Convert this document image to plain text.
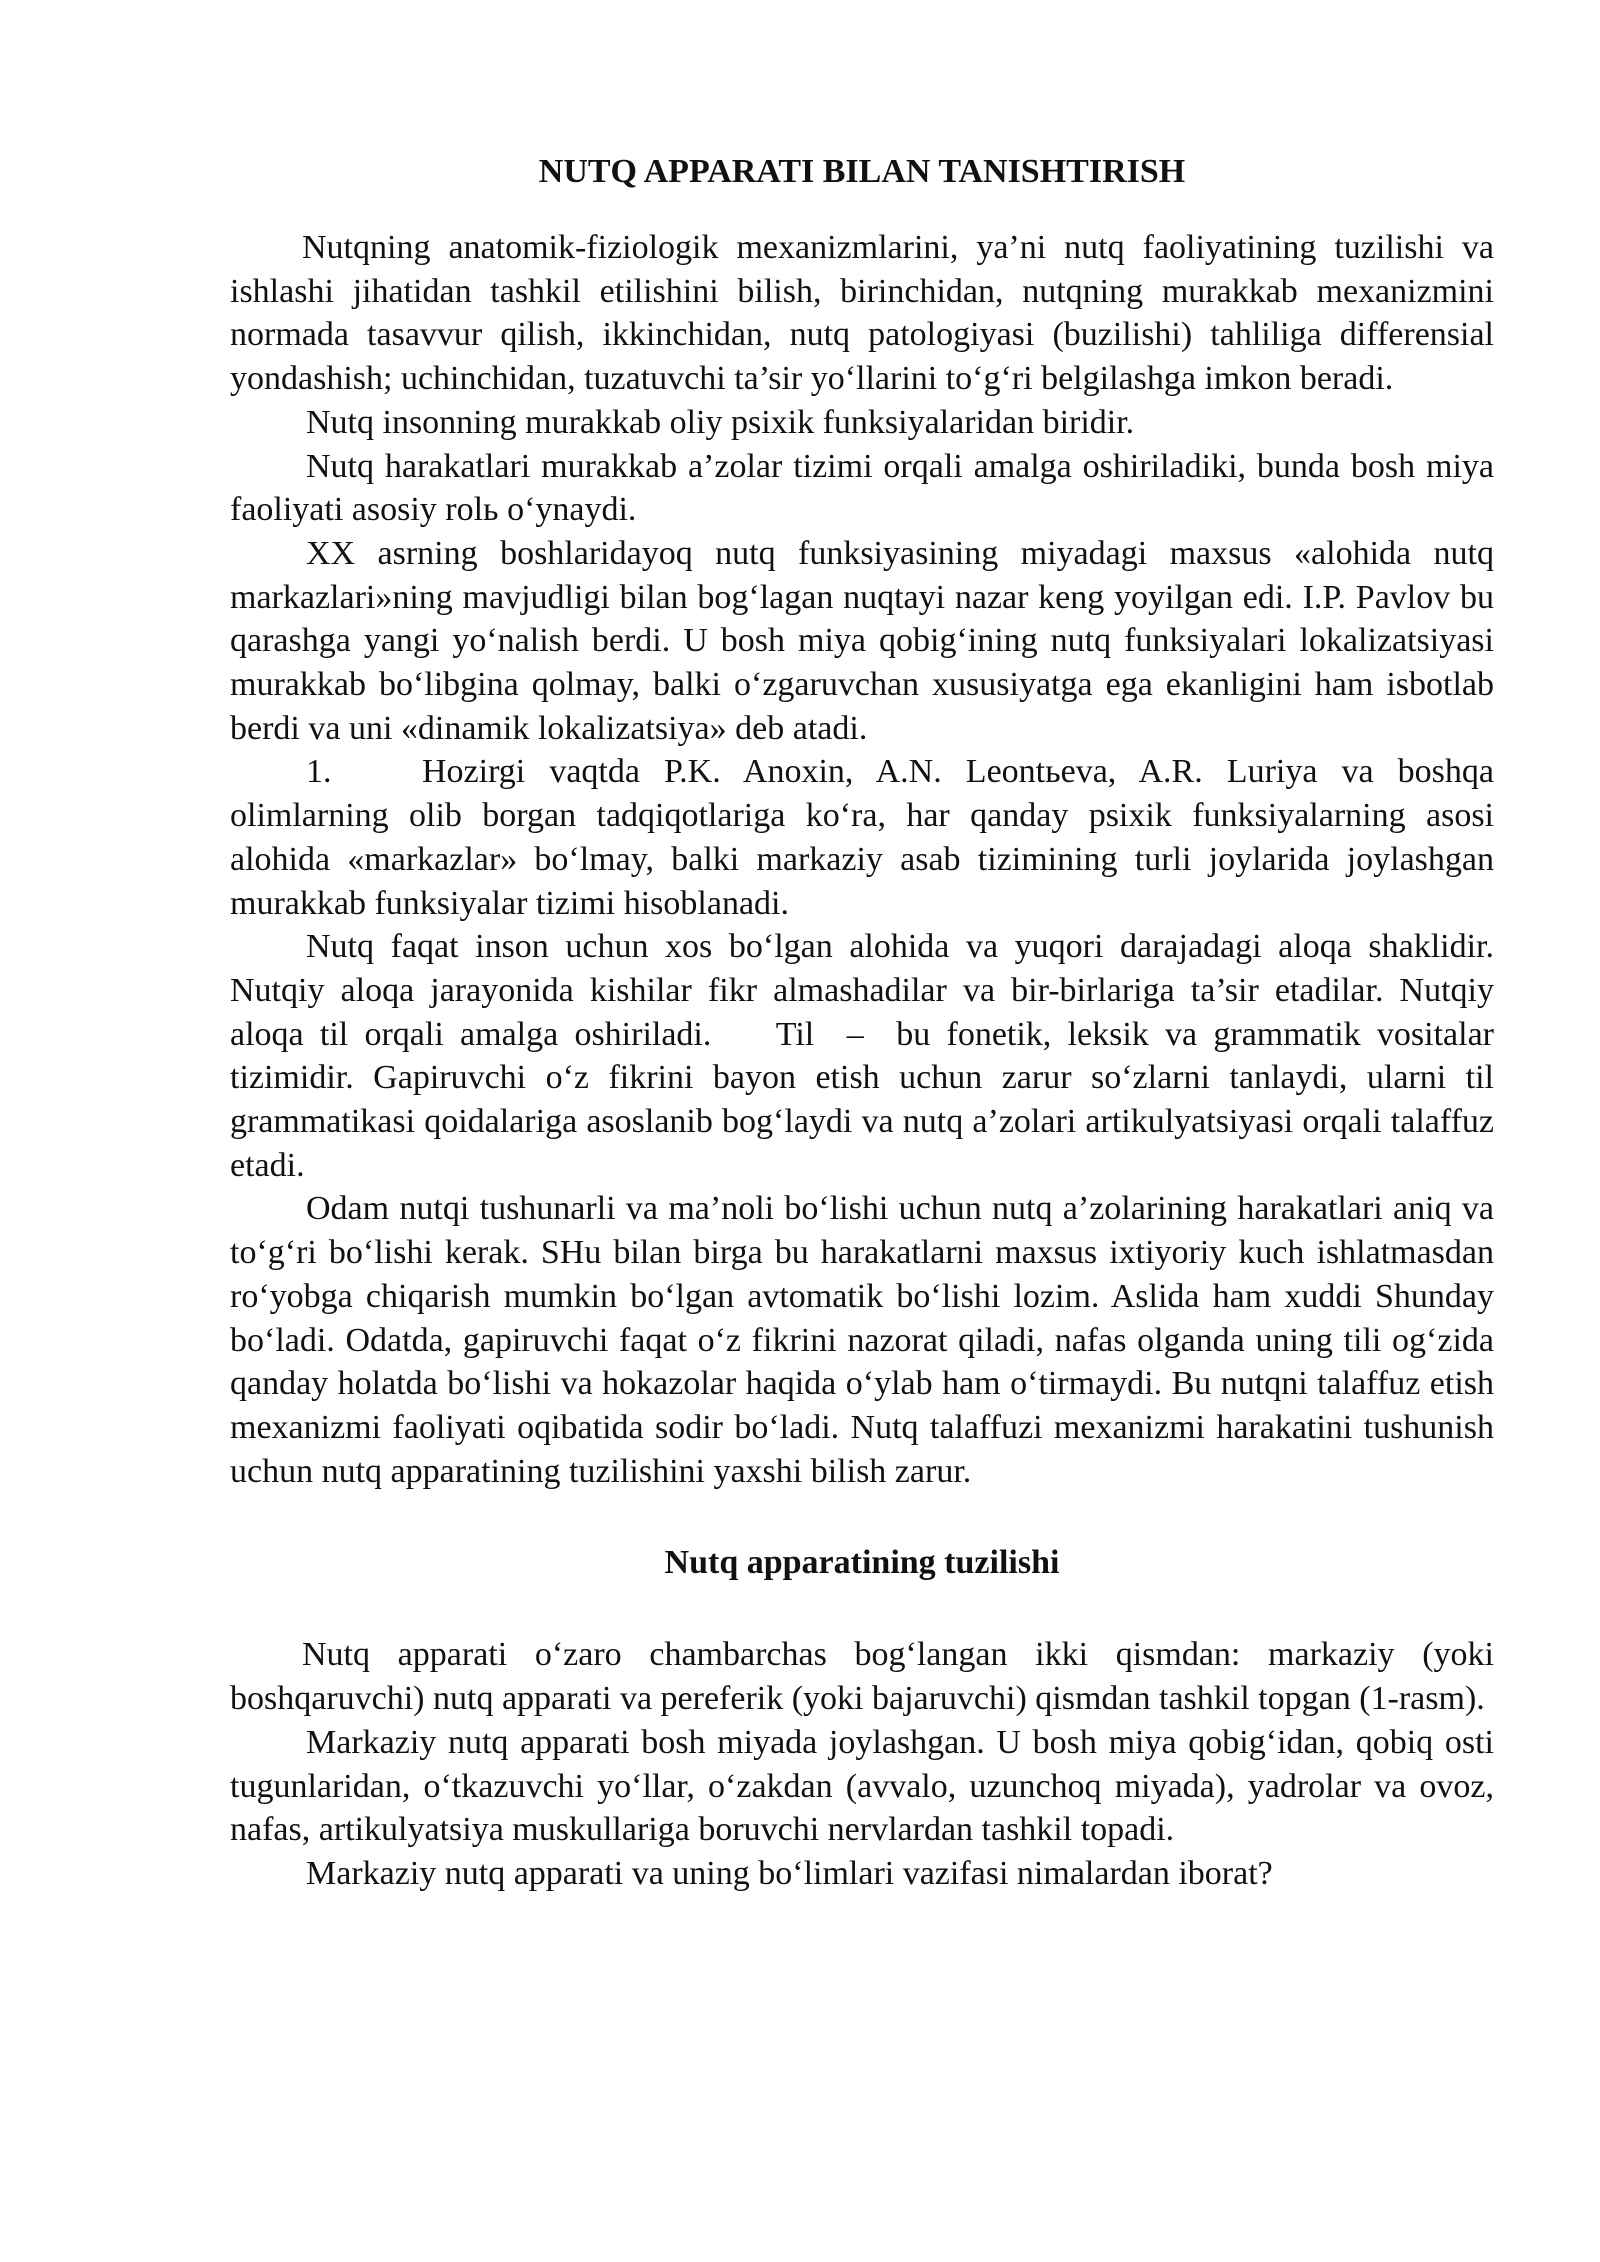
NUTQ APPARATI BILAN TANISHTIRISH

Nutqning anatomik-fiziologik mexanizmlarini, ya’ni nutq faoliyatining tuzilishi va ishlashi jihatidan tashkil etilishini bilish, birinchidan, nutqning murakkab mexanizmini normada tasavvur qilish, ikkinchidan, nutq patologiyasi (buzilishi) tahliliga differensial yondashish; uchinchidan, tuzatuvchi ta’sir yo‘llarini to‘g‘ri belgilashga imkon beradi.

Nutq insonning murakkab oliy psixik funksiyalaridan biridir.

Nutq harakatlari murakkab a’zolar tizimi orqali amalga oshiriladiki, bunda bosh miya faoliyati asosiy rolь o‘ynaydi.

XX asrning boshlaridayoq nutq funksiyasining miyadagi maxsus «alohida nutq markazlari»ning mavjudligi bilan bog‘lagan nuqtayi nazar keng yoyilgan edi. I.P. Pavlov bu qarashga yangi yo‘nalish berdi. U bosh miya qobig‘ining nutq funksiyalari lokalizatsiyasi murakkab bo‘libgina qolmay, balki o‘zgaruvchan xususiyatga ega ekanligini ham isbotlab berdi va uni «dinamik lokalizatsiya» deb atadi.

1.	Hozirgi vaqtda P.K. Anoxin, A.N. Leontьeva, A.R. Luriya va boshqa olimlarning olib borgan tadqiqotlariga ko‘ra, har qanday psixik funksiyalarning asosi alohida «markazlar» bo‘lmay, balki markaziy asab tizimining turli joylarida joylashgan murakkab funksiyalar tizimi hisoblanadi.

Nutq faqat inson uchun xos bo‘lgan alohida va yuqori darajadagi aloqa shaklidir. Nutqiy aloqa jarayonida kishilar fikr almashadilar va bir-birlariga ta’sir etadilar. Nutqiy aloqa til orqali amalga oshiriladi.    Til  –  bu fonetik, leksik va grammatik vositalar tizimidir. Gapiruvchi o‘z fikrini bayon etish uchun zarur so‘zlarni tanlaydi, ularni til grammatikasi qoidalariga asoslanib bog‘laydi va nutq a’zolari artikulyatsiyasi orqali talaffuz etadi.

Odam nutqi tushunarli va ma’noli bo‘lishi uchun nutq a’zolarining harakatlari aniq va to‘g‘ri bo‘lishi kerak. SHu bilan birga bu harakatlarni maxsus ixtiyoriy kuch ishlatmasdan ro‘yobga chiqarish mumkin bo‘lgan avtomatik bo‘lishi lozim. Aslida ham xuddi Shunday bo‘ladi. Odatda, gapiruvchi faqat o‘z fikrini nazorat qiladi, nafas olganda uning tili og‘zida qanday holatda bo‘lishi va hokazolar haqida o‘ylab ham o‘tirmaydi. Bu nutqni talaffuz etish mexanizmi faoliyati oqibatida sodir bo‘ladi. Nutq talaffuzi mexanizmi harakatini tushunish uchun nutq apparatining tuzilishini yaxshi bilish zarur.

Nutq apparatining tuzilishi

Nutq apparati o‘zaro chambarchas bog‘langan ikki qismdan: markaziy (yoki boshqaruvchi) nutq apparati va pereferik (yoki bajaruvchi) qismdan tashkil topgan (1-rasm).

Markaziy nutq apparati bosh miyada joylashgan. U bosh miya qobig‘idan, qobiq osti tugunlaridan, o‘tkazuvchi yo‘llar, o‘zakdan (avvalo, uzunchoq miyada), yadrolar va ovoz, nafas, artikulyatsiya muskullariga boruvchi nervlardan tashkil topadi.

Markaziy nutq apparati va uning bo‘limlari vazifasi nimalardan iborat?
